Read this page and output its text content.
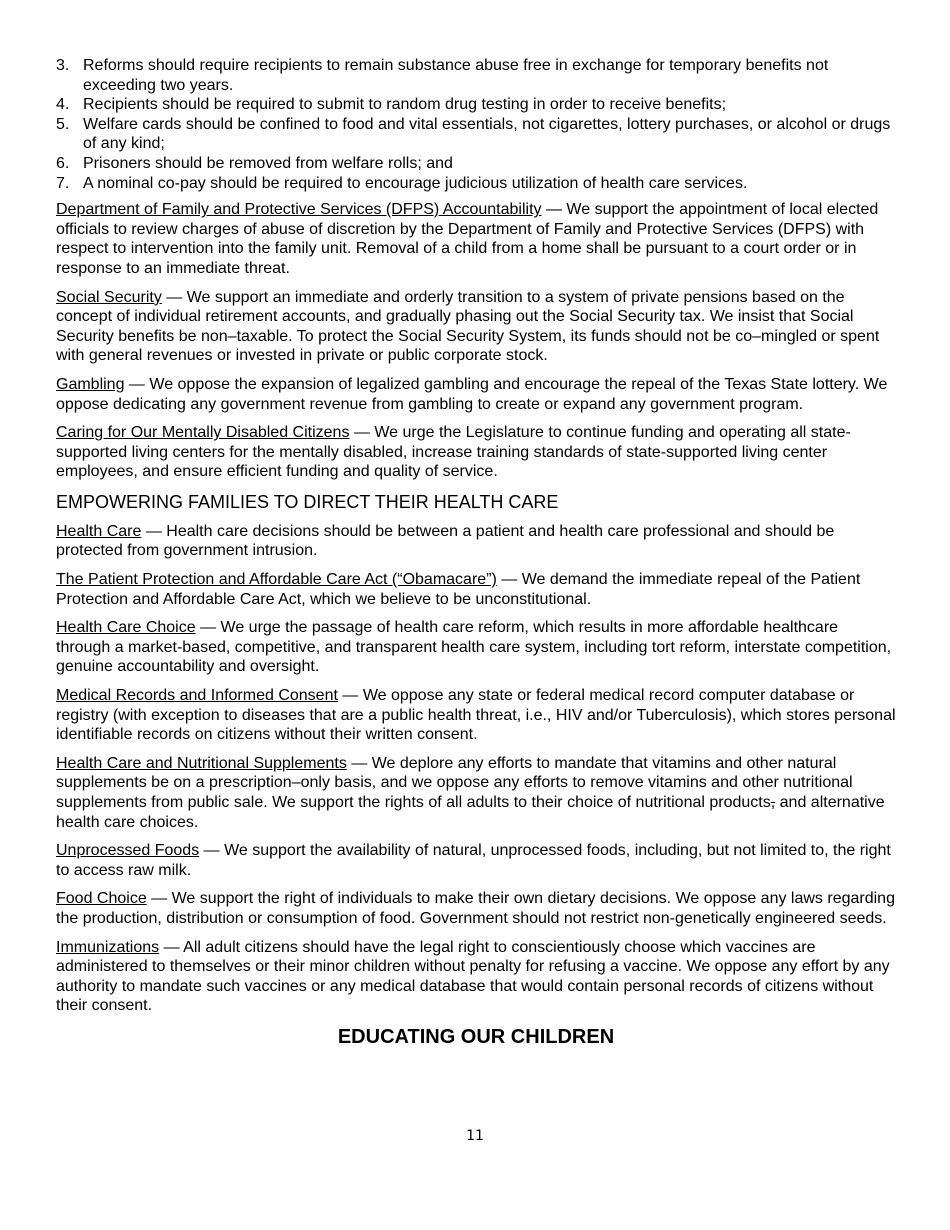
3. Reforms should require recipients to remain substance abuse free in exchange for temporary benefits not exceeding two years.
4. Recipients should be required to submit to random drug testing in order to receive benefits;
5. Welfare cards should be confined to food and vital essentials, not cigarettes, lottery purchases, or alcohol or drugs of any kind;
6. Prisoners should be removed from welfare rolls; and
7. A nominal co-pay should be required to encourage judicious utilization of health care services.

Department of Family and Protective Services (DFPS) Accountability — We support the appointment of local elected officials to review charges of abuse of discretion by the Department of Family and Protective Services (DFPS) with respect to intervention into the family unit. Removal of a child from a home shall be pursuant to a court order or in response to an immediate threat.

Social Security — We support an immediate and orderly transition to a system of private pensions based on the concept of individual retirement accounts, and gradually phasing out the Social Security tax. We insist that Social Security benefits be non–taxable. To protect the Social Security System, its funds should not be co–mingled or spent with general revenues or invested in private or public corporate stock.

Gambling — We oppose the expansion of legalized gambling and encourage the repeal of the Texas State lottery. We oppose dedicating any government revenue from gambling to create or expand any government program.

Caring for Our Mentally Disabled Citizens — We urge the Legislature to continue funding and operating all state-supported living centers for the mentally disabled, increase training standards of state-supported living center employees, and ensure efficient funding and quality of service.

EMPOWERING FAMILIES TO DIRECT THEIR HEALTH CARE

Health Care — Health care decisions should be between a patient and health care professional and should be protected from government intrusion.

The Patient Protection and Affordable Care Act (“Obamacare”) — We demand the immediate repeal of the Patient Protection and Affordable Care Act, which we believe to be unconstitutional.

Health Care Choice — We urge the passage of health care reform, which results in more affordable healthcare through a market-based, competitive, and transparent health care system, including tort reform, interstate competition, genuine accountability and oversight.

Medical Records and Informed Consent — We oppose any state or federal medical record computer database or registry (with exception to diseases that are a public health threat, i.e., HIV and/or Tuberculosis), which stores personal identifiable records on citizens without their written consent.

Health Care and Nutritional Supplements — We deplore any efforts to mandate that vitamins and other natural supplements be on a prescription–only basis, and we oppose any efforts to remove vitamins and other nutritional supplements from public sale. We support the rights of all adults to their choice of nutritional products, and alternative health care choices.

Unprocessed Foods — We support the availability of natural, unprocessed foods, including, but not limited to, the right to access raw milk.

Food Choice — We support the right of individuals to make their own dietary decisions. We oppose any laws regarding the production, distribution or consumption of food. Government should not restrict non-genetically engineered seeds.

Immunizations — All adult citizens should have the legal right to conscientiously choose which vaccines are administered to themselves or their minor children without penalty for refusing a vaccine. We oppose any effort by any authority to mandate such vaccines or any medical database that would contain personal records of citizens without their consent.

EDUCATING OUR CHILDREN
11
